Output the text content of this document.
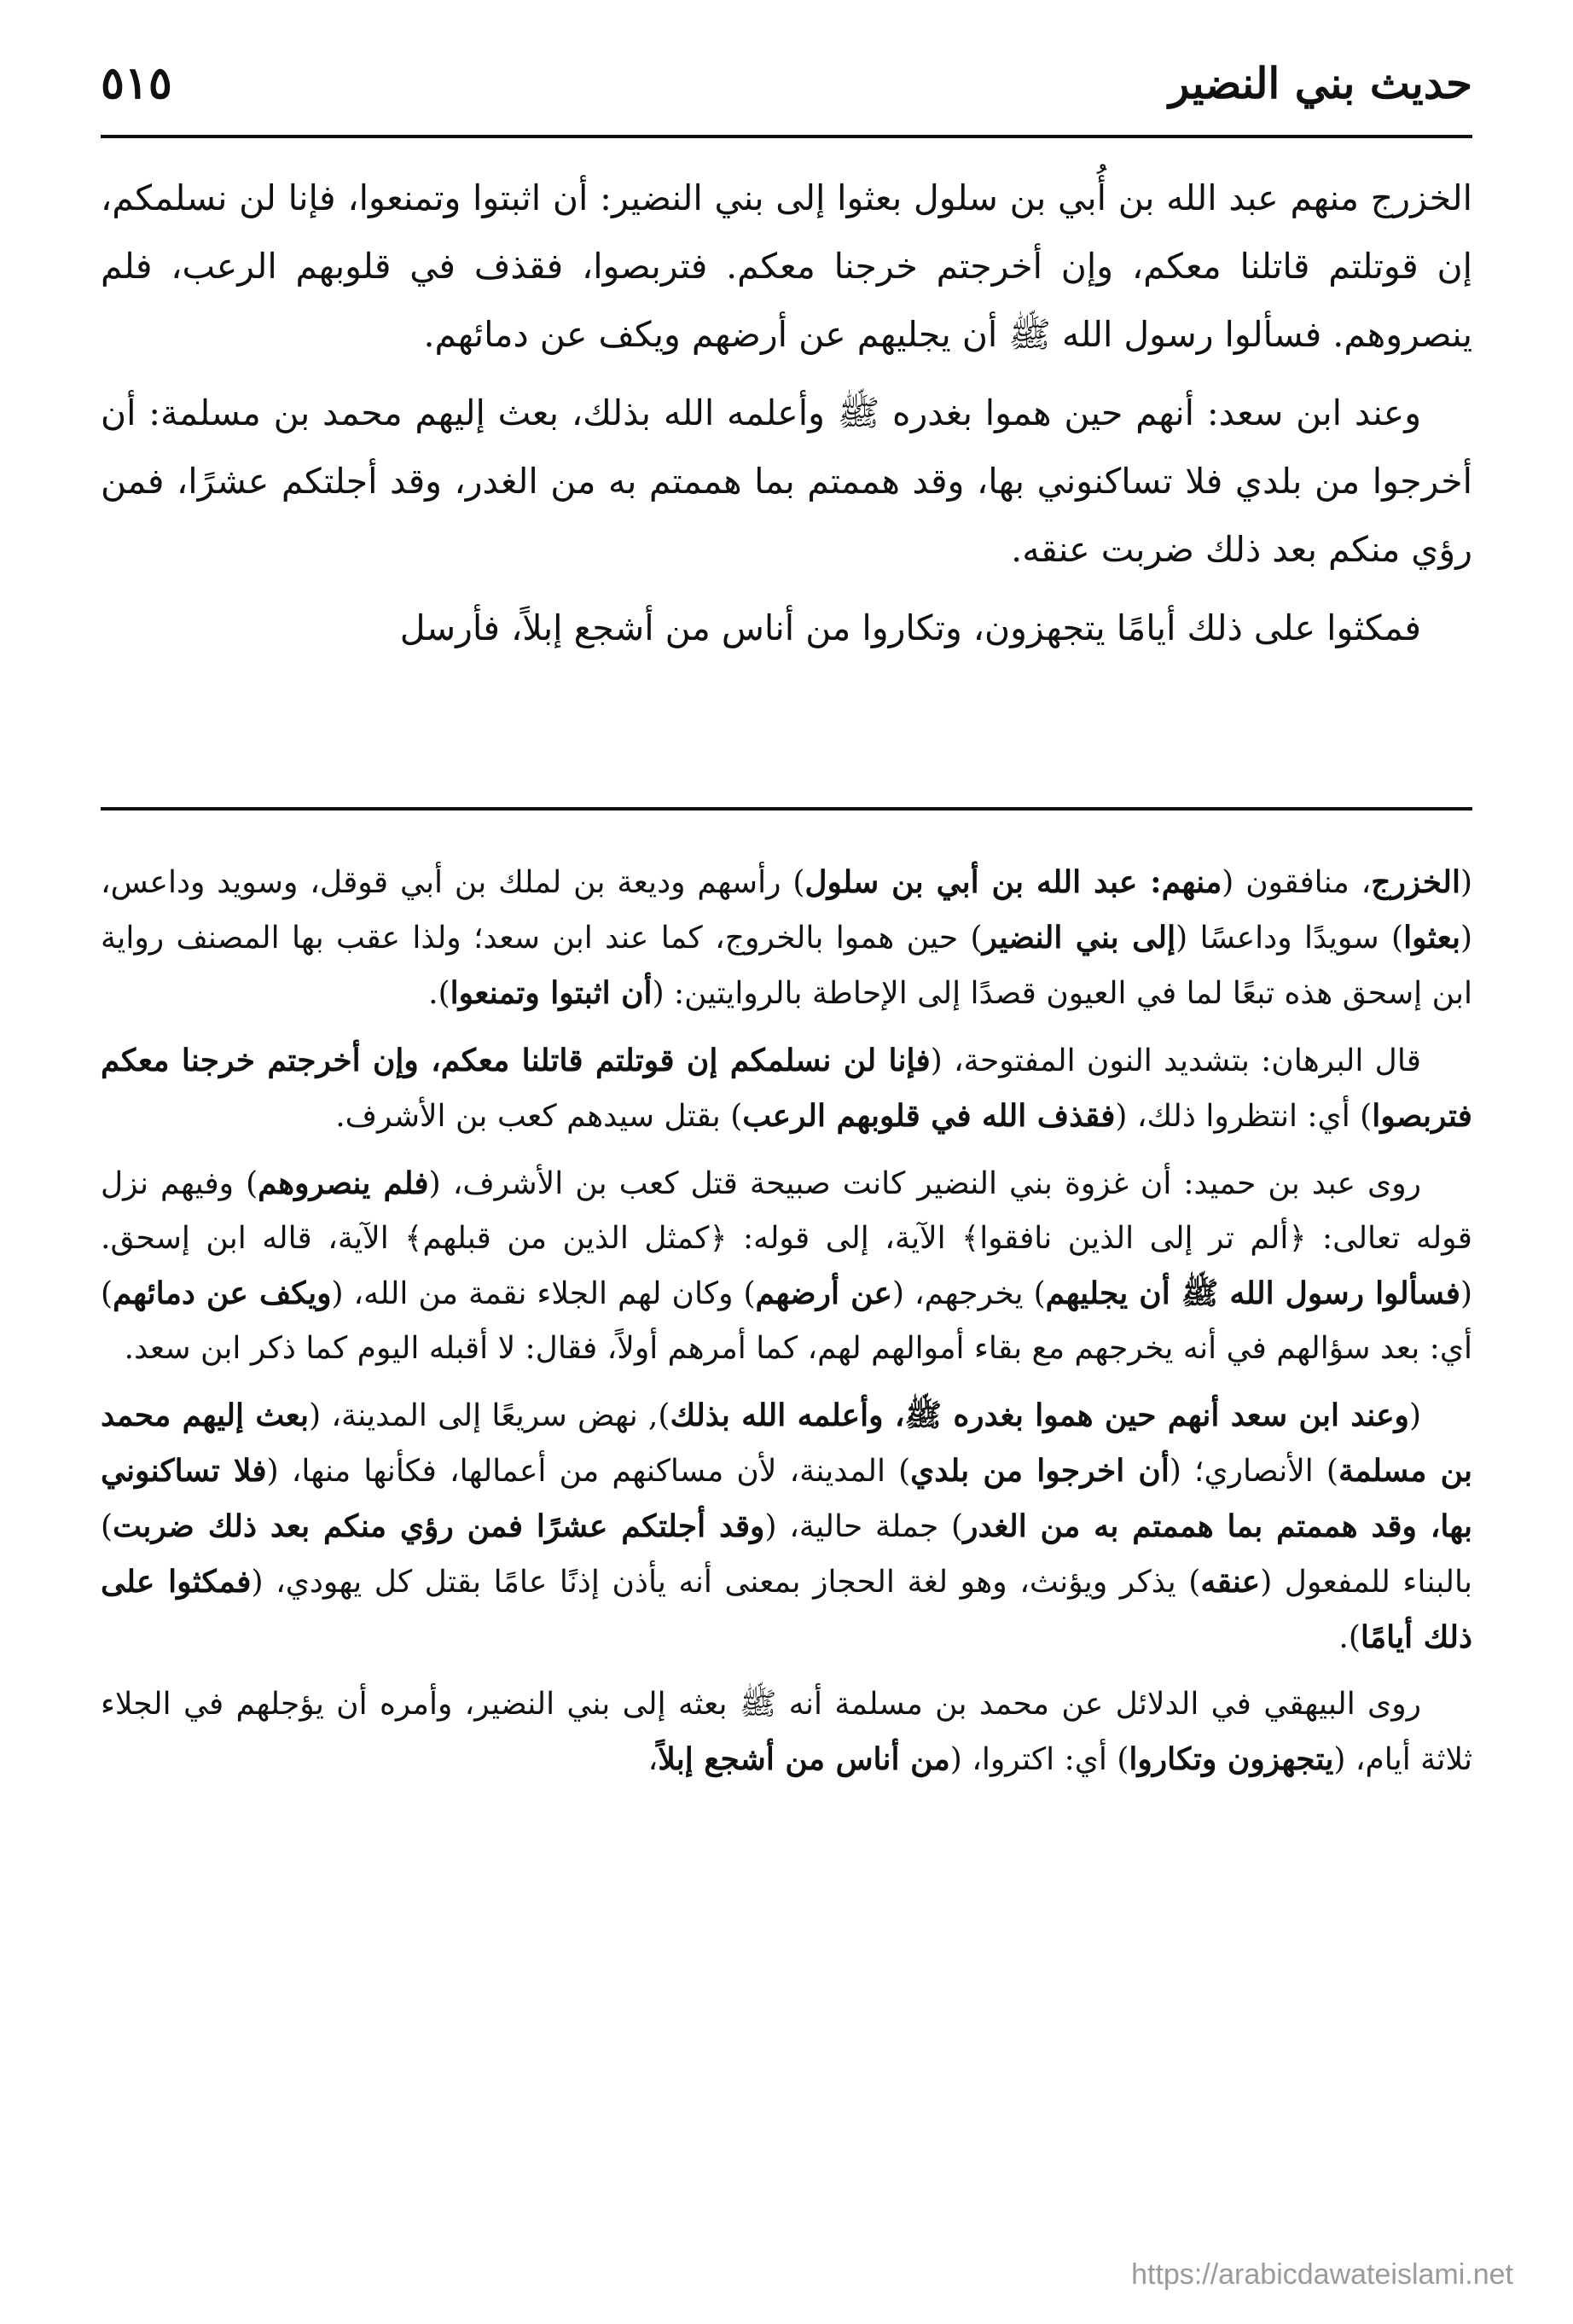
حديث بني النضير
٥١٥

الخزرج منهم عبد الله بن أُبي بن سلول بعثوا إلى بني النضير: أن اثبتوا وتمنعوا، فإنا لن نسلمكم، إن قوتلتم قاتلنا معكم، وإن أخرجتم خرجنا معكم. فتربصوا، فقذف في قلوبهم الرعب، فلم ينصروهم. فسألوا رسول الله ﷺ أن يجليهم عن أرضهم ويكف عن دمائهم.

وعند ابن سعد: أنهم حين هموا بغدره ﷺ وأعلمه الله بذلك، بعث إليهم محمد بن مسلمة: أن أخرجوا من بلدي فلا تساكنوني بها، وقد هممتم بما هممتم به من الغدر، وقد أجلتكم عشرًا، فمن رؤي منكم بعد ذلك ضربت عنقه.

فمكثوا على ذلك أيامًا يتجهزون، وتكاروا من أناس من أشجع إبلاً، فأرسل

(الخزرج، منافقون (منهم: عبد الله بن أبي بن سلول) رأسهم وديعة بن لملك بن أبي قوقل، وسويد وداعس، (بعثوا) سويدًا وداعسًا (إلى بني النضير) حين هموا بالخروج، كما عند ابن سعد؛ ولذا عقب بها المصنف رواية ابن إسحق هذه تبعًا لما في العيون قصدًا إلى الإحاطة بالروايتين: (أن اثبتوا وتمنعوا).

قال البرهان: بتشديد النون المفتوحة، (فإنا لن نسلمكم إن قوتلتم قاتلنا معكم، وإن أخرجتم خرجنا معكم فتربصوا) أي: انتظروا ذلك، (فقذف الله في قلوبهم الرعب) بقتل سيدهم كعب بن الأشرف.

روى عبد بن حميد: أن غزوة بني النضير كانت صبيحة قتل كعب بن الأشرف، (فلم ينصروهم) وفيهم نزل قوله تعالى: ﴿ألم تر إلى الذين نافقوا﴾ الآية، إلى قوله: ﴿كمثل الذين من قبلهم﴾ الآية، قاله ابن إسحق. (فسألوا رسول الله ﷺ أن يجليهم) يخرجهم، (عن أرضهم) وكان لهم الجلاء نقمة من الله، (ويكف عن دمائهم) أي: بعد سؤالهم في أنه يخرجهم مع بقاء أموالهم لهم، كما أمرهم أولاً، فقال: لا أقبله اليوم كما ذكر ابن سعد.

(وعند ابن سعد أنهم حين هموا بغدره ﷺ، وأعلمه الله بذلك), نهض سريعًا إلى المدينة، (بعث إليهم محمد بن مسلمة) الأنصاري؛ (أن اخرجوا من بلدي) المدينة، لأن مساكنهم من أعمالها، فكأنها منها، (فلا تساكنوني بها، وقد هممتم بما هممتم به من الغدر) جملة حالية، (وقد أجلتكم عشرًا فمن رؤي منكم بعد ذلك ضربت) بالبناء للمفعول (عنقه) يذكر ويؤنث، وهو لغة الحجاز بمعنى أنه يأذن إذنًا عامًا بقتل كل يهودي، (فمكثوا على ذلك أيامًا).

روى البيهقي في الدلائل عن محمد بن مسلمة أنه ﷺ بعثه إلى بني النضير، وأمره أن يؤجلهم في الجلاء ثلاثة أيام، (يتجهزون وتكاروا) أي: اكتروا، (من أناس من أشجع إبلاً،

https://arabicdawateislami.net
